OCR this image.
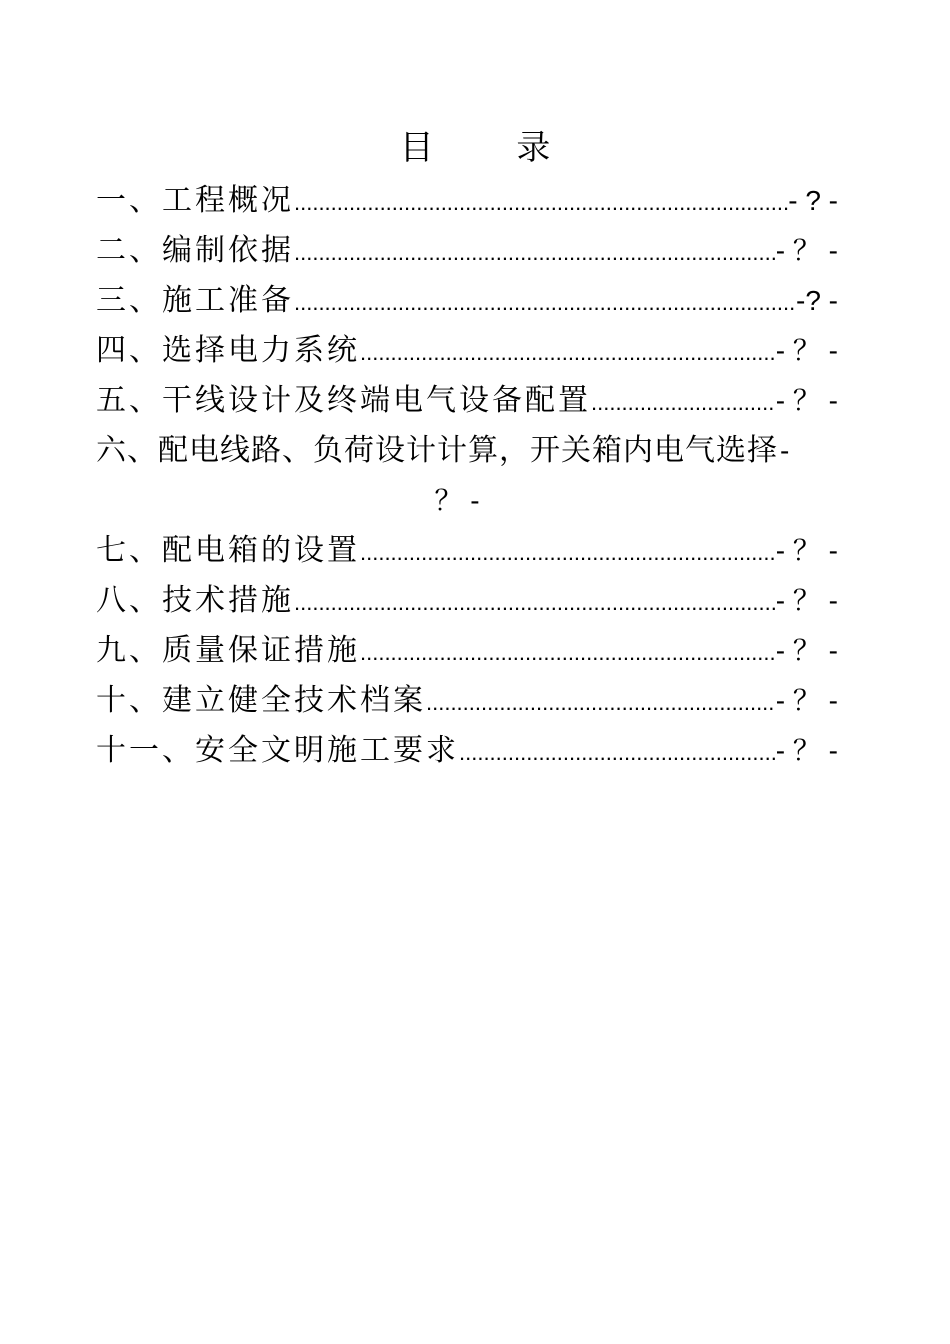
目 录
一、工程概况 .....	- ? -
二、编制依据 .....	- ？ -
三、施工准备 .....	-? -
四、选择电力系统 .....	- ？ -
五、干线设计及终端电气设备配置 .....	- ？ -
六、配电线路、负荷设计计算，开关箱内电气选择 -
？ -
七、配电箱的设置 .....	- ？ -
八、技术措施 .....	- ？ -
九、质量保证措施 .....	- ？ -
十、建立健全技术档案 .....	- ？ -
十一、安全文明施工要求 .....	- ？ -
